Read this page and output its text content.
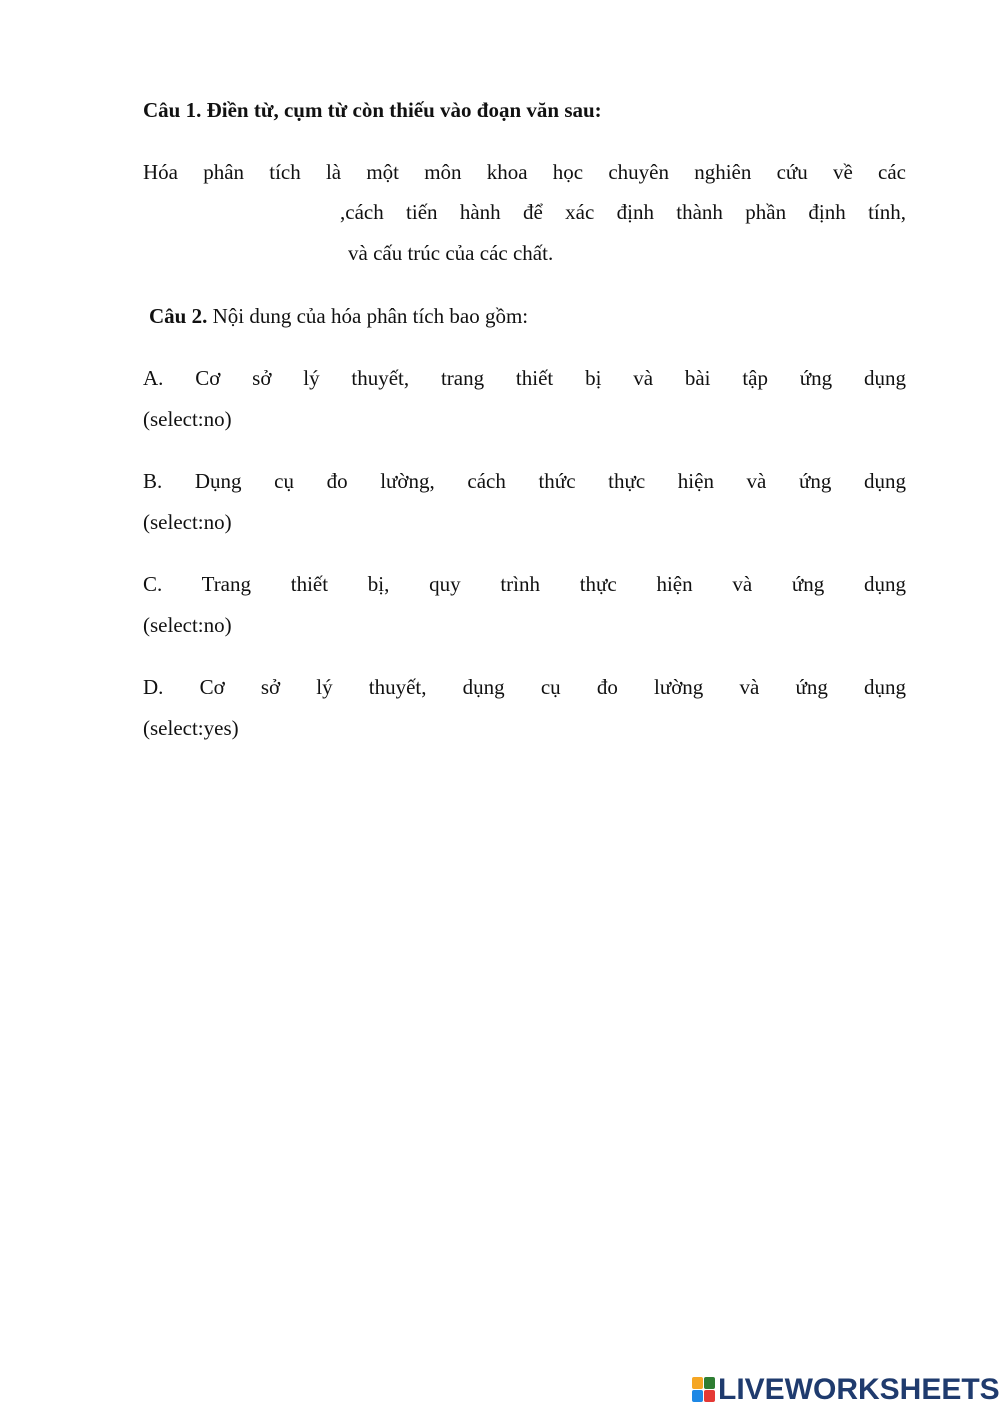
Câu 1. Điền từ, cụm từ còn thiếu vào đoạn văn sau:
Hóa phân tích là một môn khoa học chuyên nghiên cứu về các
,cách tiến hành để xác định thành phần định tính,
và cấu trúc của các chất.
Câu 2. Nội dung của hóa phân tích bao gồm:
A. Cơ sở lý thuyết, trang thiết bị và bài tập ứng dụng
(select:no)
B. Dụng cụ đo lường, cách thức thực hiện và ứng dụng
(select:no)
C. Trang thiết bị, quy trình thực hiện và ứng dụng
(select:no)
D. Cơ sở lý thuyết, dụng cụ đo lường và ứng dụng
(select:yes)
LIVEWORKSHEETS
